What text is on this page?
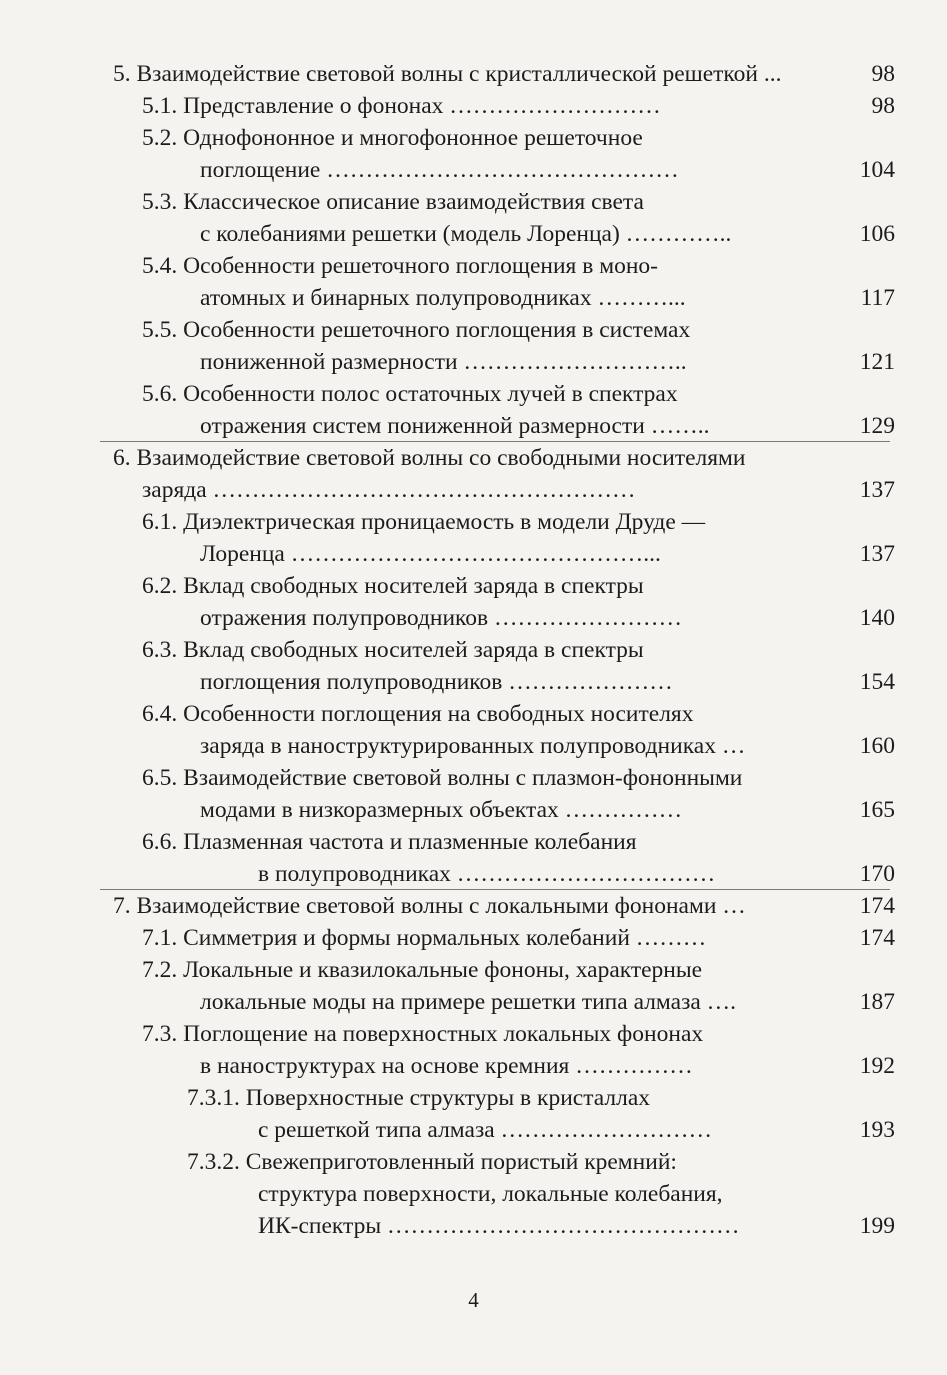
5. Взаимодействие световой волны с кристаллической решеткой ...	98
5.1. Представление о фононах ………………………	98
5.2. Однофононное и многофононное решеточное
поглощение ………………………………………	104
5.3. Классическое описание взаимодействия света
с колебаниями решетки (модель Лоренца) …………..	106
5.4. Особенности решеточного поглощения в моно-
атомных и бинарных полупроводниках ………...	117
5.5. Особенности решеточного поглощения в системах
пониженной размерности ………………………..	121
5.6. Особенности полос остаточных лучей в спектрах
отражения систем пониженной размерности ……..	129
6. Взаимодействие световой волны со свободными носителями
заряда ………………………………………………	137
6.1. Диэлектрическая проницаемость в модели Друде —
Лоренца ………………………………………...	137
6.2. Вклад свободных носителей заряда в спектры
отражения полупроводников ……………………	140
6.3. Вклад свободных носителей заряда в спектры
поглощения полупроводников …………………	154
6.4. Особенности поглощения на свободных носителях
заряда в наноструктурированных полупроводниках …	160
6.5. Взаимодействие световой волны с плазмон-фононными
модами в низкоразмерных объектах ……………	165
6.6. Плазменная частота и плазменные колебания
в полупроводниках ……………………………	170
7. Взаимодействие световой волны с локальными фононами …	174
7.1. Симметрия и формы нормальных колебаний ………	174
7.2. Локальные и квазилокальные фононы, характерные
локальные моды на примере решетки типа алмаза ….	187
7.3. Поглощение на поверхностных локальных фононах
в наноструктурах на основе кремния ……………	192
7.3.1. Поверхностные структуры в кристаллах
с решеткой типа алмаза ………………………	193
7.3.2. Свежеприготовленный пористый кремний:
структура поверхности, локальные колебания,
ИК-спектры ………………………………………	199
4
